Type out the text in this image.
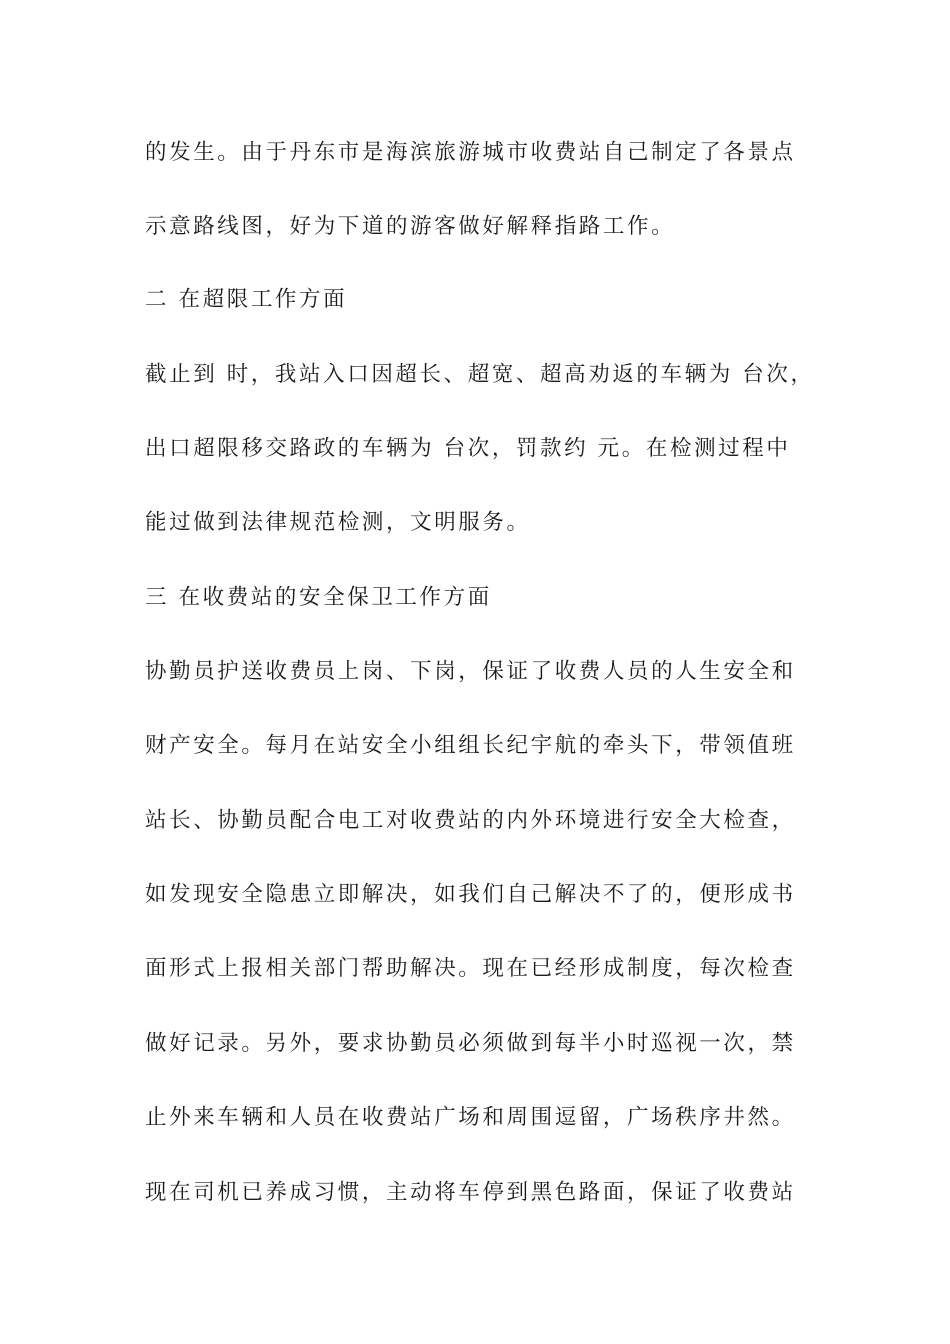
的发生。由于丹东市是海滨旅游城市收费站自己制定了各景点
示意路线图，好为下道的游客做好解释指路工作。
二 在超限工作方面
截止到 时，我站入口因超长、超宽、超高劝返的车辆为 台次，
出口超限移交路政的车辆为 台次，罚款约 元。在检测过程中
能过做到法律规范检测，文明服务。
三 在收费站的安全保卫工作方面
协勤员护送收费员上岗、下岗，保证了收费人员的人生安全和
财产安全。每月在站安全小组组长纪宇航的牵头下，带领值班
站长、协勤员配合电工对收费站的内外环境进行安全大检查，
如发现安全隐患立即解决，如我们自己解决不了的，便形成书
面形式上报相关部门帮助解决。现在已经形成制度，每次检查
做好记录。另外，要求协勤员必须做到每半小时巡视一次，禁
止外来车辆和人员在收费站广场和周围逗留，广场秩序井然。
现在司机已养成习惯，主动将车停到黑色路面，保证了收费站
